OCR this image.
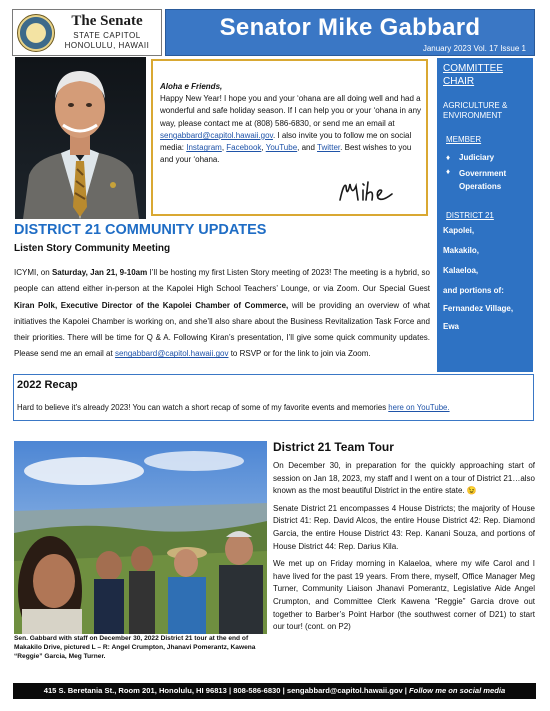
The Senate
STATE CAPITOL
HONOLULU, HAWAII
Senator Mike Gabbard
January 2023 Vol. 17 Issue 1
Aloha e Friends,
Happy New Year! I hope you and your ‘ohana are all doing well and had a wonderful and safe holiday season. If I can help you or your ‘ohana in any way, please contact me at (808) 586-6830, or send me an email at sengabbard@capitol.hawaii.gov. I also invite you to follow me on social media: Instagram, Facebook, YouTube, and Twitter. Best wishes to you and your ‘ohana.
COMMITTEE CHAIR
AGRICULTURE & ENVIRONMENT
MEMBER
♦ Judiciary
♦ Government Operations
DISTRICT 21
Kapolei,
Makakilo,
Kalaeloa,
and portions of:
Fernandez Village,
Ewa
DISTRICT 21 COMMUNITY UPDATES
Listen Story Community Meeting
ICYMI, on Saturday, Jan 21, 9-10am I’ll be hosting my first Listen Story meeting of 2023! The meeting is a hybrid, so people can attend either in-person at the Kapolei High School Teachers’ Lounge, or via Zoom. Our Special Guest Kiran Polk, Executive Director of the Kapolei Chamber of Commerce, will be providing an overview of what initiatives the Kapolei Chamber is working on, and she’ll also share about the Business Revitalization Task Force and their priorities. There will be time for Q & A. Following Kiran’s presentation, I’ll give some quick community updates. Please send me an email at sengabbard@capitol.hawaii.gov to RSVP or for the link to join via Zoom.
2022 Recap
Hard to believe it’s already 2023! You can watch a short recap of some of my favorite events and memories here on YouTube.
Sen. Gabbard with staff on December 30, 2022 District 21 tour at the end of Makakilo Drive, pictured L – R: Angel Crumpton, Jhanavi Pomerantz, Kawena “Reggie” Garcia, Meg Turner.
District 21 Team Tour

On December 30, in preparation for the quickly approaching start of session on Jan 18, 2023, my staff and I went on a tour of District 21…also known as the most beautiful District in the entire state. 😉

Senate District 21 encompasses 4 House Districts; the majority of House District 41: Rep. David Alcos, the entire House District 42: Rep. Diamond Garcia, the entire House District 43: Rep. Kanani Souza, and portions of House District 44: Rep. Darius Kila.

We met up on Friday morning in Kalaeloa, where my wife Carol and I have lived for the past 19 years. From there, myself, Office Manager Meg Turner, Community Liaison Jhanavi Pomerantz, Legislative Aide Angel Crumpton, and Committee Clerk Kawena “Reggie” Garcia drove out together to Barber’s Point Harbor (the southwest corner of D21) to start our tour! (cont. on P2)

415 S. Beretania St., Room 201, Honolulu, HI 96813 | 808-586-6830 | sengabbard@capitol.hawaii.gov | Follow me on social media
